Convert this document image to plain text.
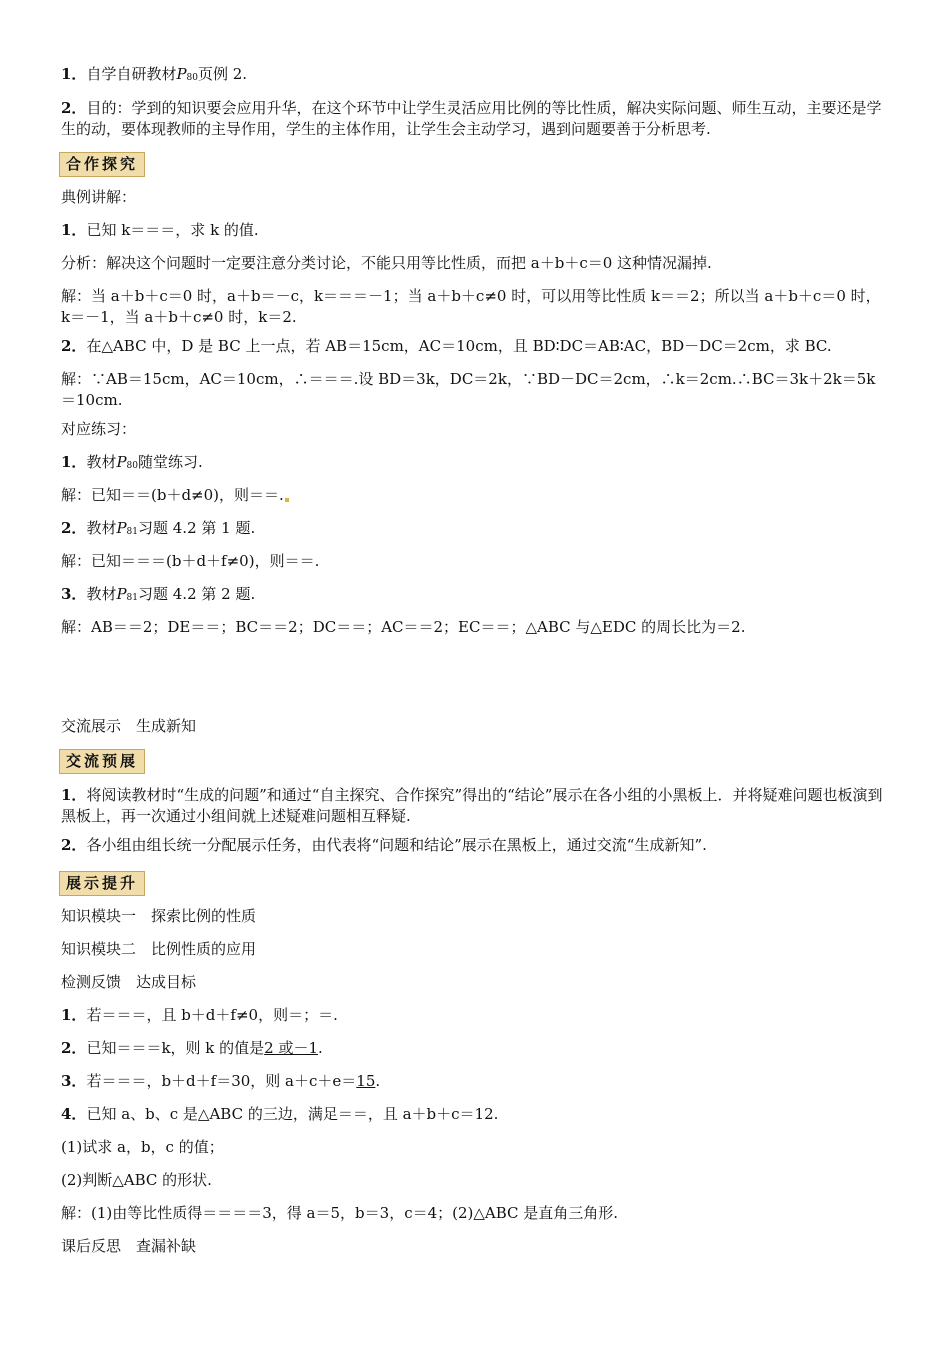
1．自学自研教材P80页例 2.
2．目的：学到的知识要会应用升华，在这个环节中让学生灵活应用比例的等比性质，解决实际问题、师生互动，主要还是学生的动，要体现教师的主导作用，学生的主体作用，让学生会主动学习，遇到问题要善于分析思考.
合作探究
典例讲解：
1．已知 k＝＝＝，求 k 的值.
分析：解决这个问题时一定要注意分类讨论，不能只用等比性质，而把 a＋b＋c＝0 这种情况漏掉.
解：当 a＋b＋c＝0 时，a＋b＝－c，k＝＝＝－1；当 a＋b＋c≠0 时，可以用等比性质 k＝＝2；所以当 a＋b＋c＝0 时，k＝－1，当 a＋b＋c≠0 时，k＝2.
2．在△ABC 中，D 是 BC 上一点，若 AB＝15cm，AC＝10cm，且 BD∶DC＝AB∶AC，BD－DC＝2cm，求 BC.
解：∵AB＝15cm，AC＝10cm，∴＝＝＝.设 BD＝3k，DC＝2k，∵BD－DC＝2cm，∴k＝2cm.∴BC＝3k＋2k＝5k＝10cm.
对应练习：
1．教材P80随堂练习.
解：已知＝＝(b＋d≠0)，则＝＝.
2．教材P81习题 4.2 第 1 题.
解：已知＝＝＝(b＋d＋f≠0)，则＝＝.
3．教材P81习题 4.2 第 2 题.
解：AB＝＝2；DE＝＝；BC＝＝2；DC＝＝；AC＝＝2；EC＝＝；△ABC 与△EDC 的周长比为＝2.
交流展示　生成新知
交流预展
1．将阅读教材时“生成的问题”和通过“自主探究、合作探究”得出的“结论”展示在各小组的小黑板上．并将疑难问题也板演到黑板上，再一次通过小组间就上述疑难问题相互释疑.
2．各小组由组长统一分配展示任务，由代表将“问题和结论”展示在黑板上，通过交流“生成新知”.
展示提升
知识模块一　探索比例的性质
知识模块二　比例性质的应用
检测反馈　达成目标
1．若＝＝＝，且 b＋d＋f≠0，则＝；＝.
2．已知＝＝＝k，则 k 的值是2 或－1.
3．若＝＝＝，b＋d＋f＝30，则 a＋c＋e＝15.
4．已知 a、b、c 是△ABC 的三边，满足＝＝，且 a＋b＋c＝12.
(1)试求 a，b，c 的值；
(2)判断△ABC 的形状.
解：(1)由等比性质得＝＝＝＝3，得 a＝5，b＝3，c＝4；(2)△ABC 是直角三角形.
课后反思　查漏补缺
